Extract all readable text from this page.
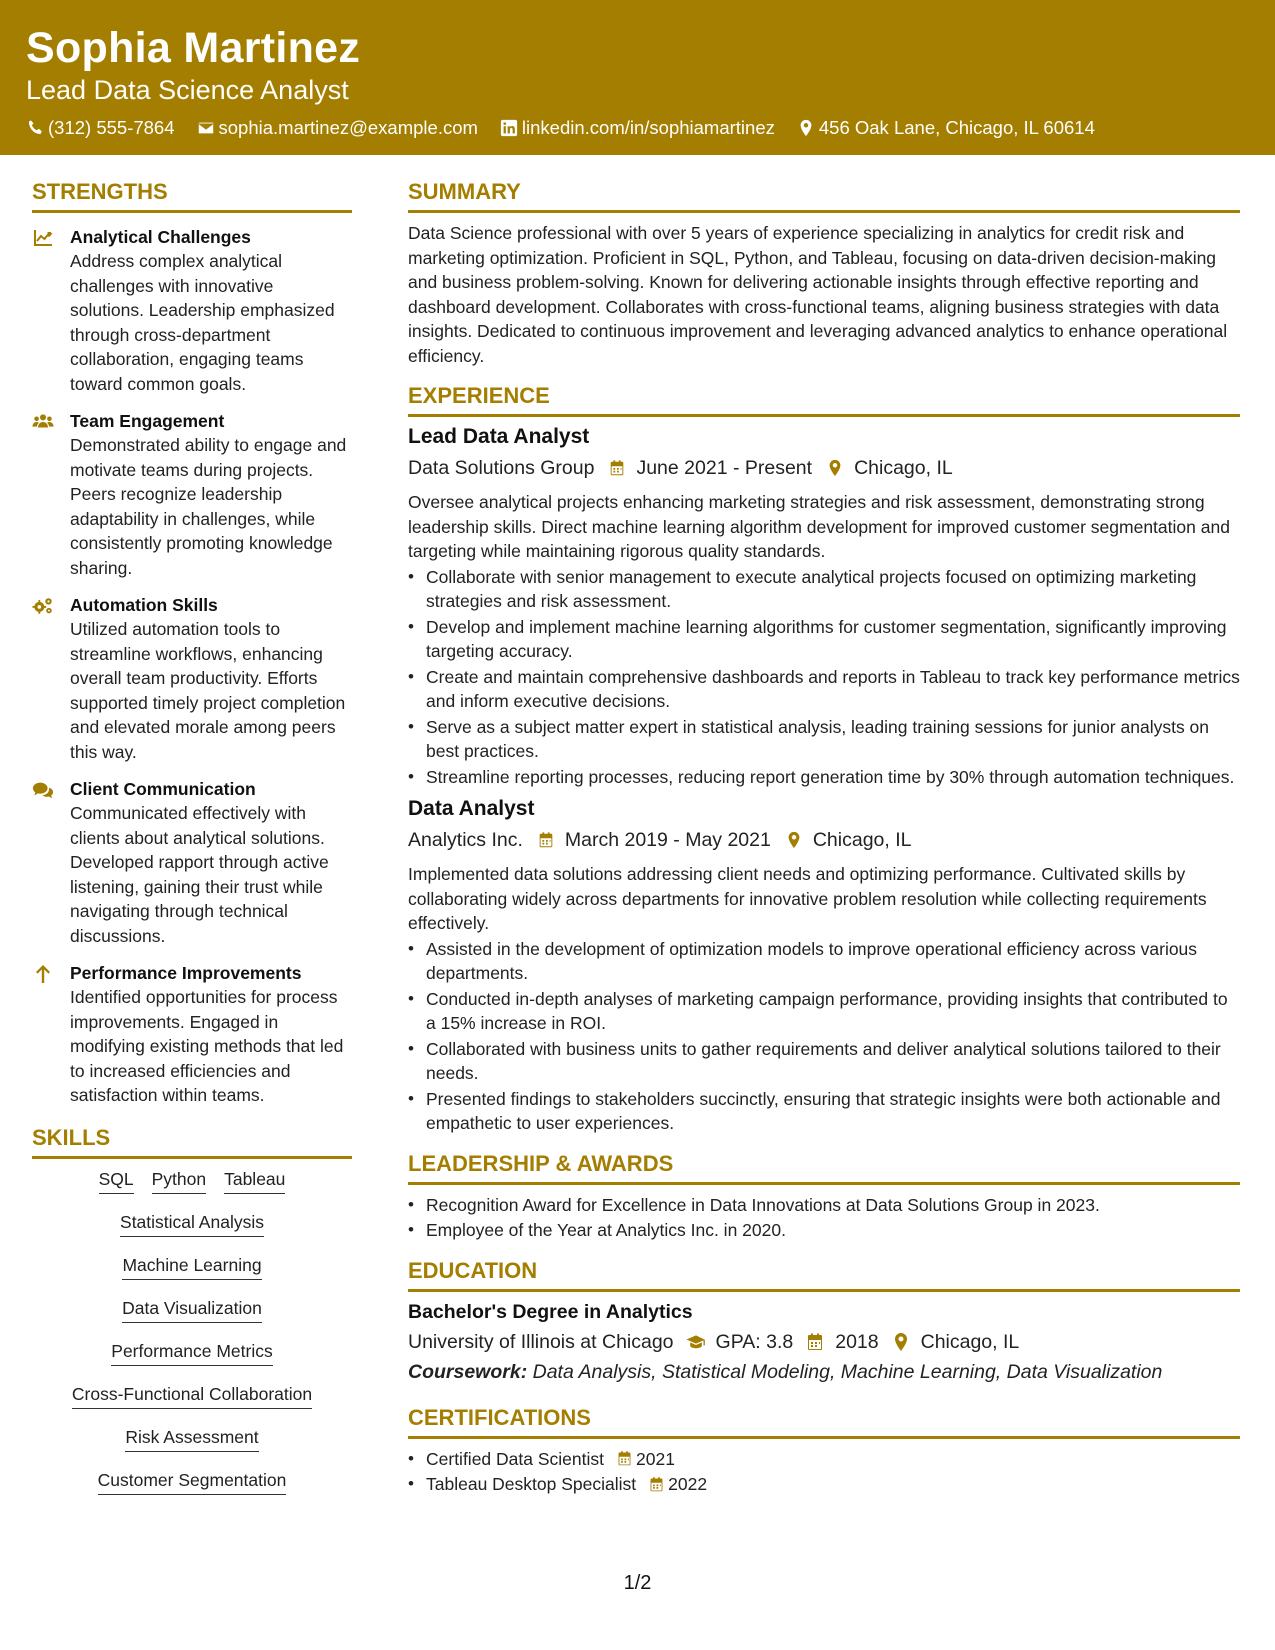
Sophia Martinez
Lead Data Science Analyst
(312) 555-7864 sophia.martinez@example.com linkedin.com/in/sophiamartinez 456 Oak Lane, Chicago, IL 60614
STRENGTHS
Analytical Challenges
Address complex analytical challenges with innovative solutions. Leadership emphasized through cross-department collaboration, engaging teams toward common goals.
Team Engagement
Demonstrated ability to engage and motivate teams during projects. Peers recognize leadership adaptability in challenges, while consistently promoting knowledge sharing.
Automation Skills
Utilized automation tools to streamline workflows, enhancing overall team productivity. Efforts supported timely project completion and elevated morale among peers this way.
Client Communication
Communicated effectively with clients about analytical solutions. Developed rapport through active listening, gaining their trust while navigating through technical discussions.
Performance Improvements
Identified opportunities for process improvements. Engaged in modifying existing methods that led to increased efficiencies and satisfaction within teams.
SKILLS
SQL Python Tableau
Statistical Analysis
Machine Learning
Data Visualization
Performance Metrics
Cross-Functional Collaboration
Risk Assessment
Customer Segmentation
SUMMARY
Data Science professional with over 5 years of experience specializing in analytics for credit risk and marketing optimization. Proficient in SQL, Python, and Tableau, focusing on data-driven decision-making and business problem-solving. Known for delivering actionable insights through effective reporting and dashboard development. Collaborates with cross-functional teams, aligning business strategies with data insights. Dedicated to continuous improvement and leveraging advanced analytics to enhance operational efficiency.
EXPERIENCE
Lead Data Analyst
Data Solutions Group June 2021 - Present Chicago, IL
Oversee analytical projects enhancing marketing strategies and risk assessment, demonstrating strong leadership skills. Direct machine learning algorithm development for improved customer segmentation and targeting while maintaining rigorous quality standards.
• Collaborate with senior management to execute analytical projects focused on optimizing marketing strategies and risk assessment.
• Develop and implement machine learning algorithms for customer segmentation, significantly improving targeting accuracy.
• Create and maintain comprehensive dashboards and reports in Tableau to track key performance metrics and inform executive decisions.
• Serve as a subject matter expert in statistical analysis, leading training sessions for junior analysts on best practices.
• Streamline reporting processes, reducing report generation time by 30% through automation techniques.
Data Analyst
Analytics Inc. March 2019 - May 2021 Chicago, IL
Implemented data solutions addressing client needs and optimizing performance. Cultivated skills by collaborating widely across departments for innovative problem resolution while collecting requirements effectively.
• Assisted in the development of optimization models to improve operational efficiency across various departments.
• Conducted in-depth analyses of marketing campaign performance, providing insights that contributed to a 15% increase in ROI.
• Collaborated with business units to gather requirements and deliver analytical solutions tailored to their needs.
• Presented findings to stakeholders succinctly, ensuring that strategic insights were both actionable and empathetic to user experiences.
LEADERSHIP & AWARDS
• Recognition Award for Excellence in Data Innovations at Data Solutions Group in 2023.
• Employee of the Year at Analytics Inc. in 2020.
EDUCATION
Bachelor's Degree in Analytics
University of Illinois at Chicago GPA: 3.8 2018 Chicago, IL
Coursework: Data Analysis, Statistical Modeling, Machine Learning, Data Visualization
CERTIFICATIONS
• Certified Data Scientist 2021
• Tableau Desktop Specialist 2022
1/2
